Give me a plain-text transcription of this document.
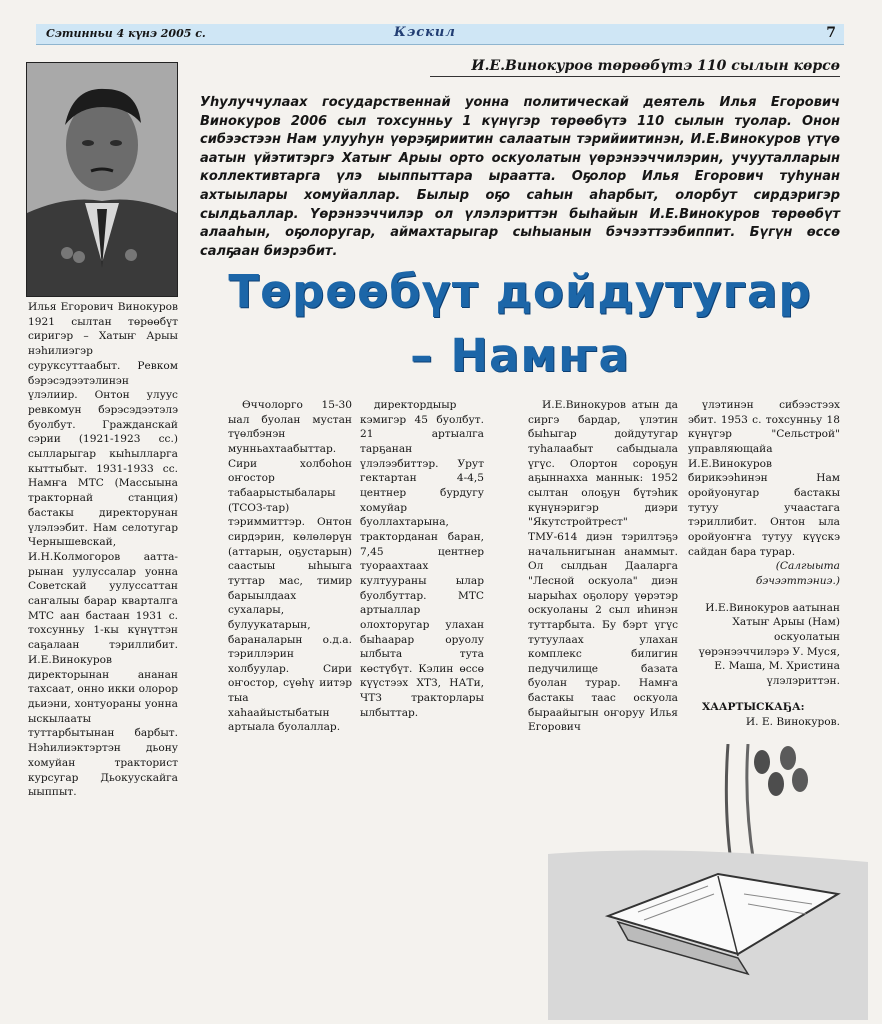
Сэтинньи 4 күнэ 2005 с.	Кэскил	7
Илья Егорович Винокуров 1921 сылтан төрөөбүт сиригэр – Хатыҥ Арыы нэһилиэгэр суруксуттаабыт. Ревком бэрэсэдээтэлинэн үлэлиир. Онтон улуус ревкомун бэрэсэдээтэлэ буолбут. Гражданскай сэрии (1921-1923 сс.) сылларыгар кыһылларга кыттыбыт. 1931-1933 сс. Намҥа МТС (Массыына тракторнай станция) бастакы директорунан үлэлээбит. Нам селотугар Чернышевскай, И.Н.Колмогоров ааттарынан уулуссалар уонна Советскай уулуссаттан саҥалыы барар кварталга МТС аан бастаан 1931 с. тохсунньу 1-кы күнүттэн саҕалаан тэриллибит. И.Е.Винокуров директорынан ананан тахсаат, онно икки олорор дьиэни, хонтуораны уонна ыскылааты туттарбытынан барбыт. Нэһилиэктэртэн дьону хомуйан тракторист курсугар Дьокуускайга ыыппыт.
И.Е.Винокуров төрөөбүтэ 110 сылын көрсө
Уһулуччулаах государственнай уонна политическай деятель Илья Егорович Винокуров 2006 сыл тохсунньу 1 күнүгэр төрөөбүтэ 110 сылын туолар. Онон сибээстээн Нам улууһун үөрэҕириитин салаатын тэрийиитинэн, И.Е.Винокуров үтүө аатын үйэтитэргэ Хатыҥ Арыы орто оскуолатын үөрэнээччилэрин, учууталларын коллективтарга үлэ ыыппыттара ыраатта. Оҕолор Илья Егорович туһунан ахтыылары хомуйаллар. Былыр оҕо саһын аһарбыт, олорбут сирдэригэр сылдьаллар. Үөрэнээччилэр ол үлэлэриттэн быһайын И.Е.Винокуров төрөөбүт алааһын, оҕолоругар, аймахтарыгар сыһыанын бэчээттээбиппит. Бүгүн өссө салҕаан биэрэбит.
Төрөөбүт дойдутугар
– Намҥа

Өччолорго 15-30 ыал буолан мустан түөлбэнэн мунньахтаабыттар. Сири холбоһон оҥостор табаарыстыбалары (ТСОЗ-тар) тэриммиттэр. Онтон сирдэрин, көлөлөрүн (аттарын, оҕустарын) саастыы ыһыыга туттар мас, тимир барыылдаах сухалары, булуукатарын, бараналарын о.д.а. тэриллэрин холбуулар. Сири оҥостор, сүөһү иитэр тыа хаһаайыстыбатын артыала буолаллар.

директордыыр кэмигэр 45 буолбут. 21 артыалга тарҕанан үлэлээбиттэр. Урут гектартан 4-4,5 центнер бурдугу хомуйар буоллахтарына, тракторданан баран, 7,45 центнер туораахтаах култуураны ылар буолбуттар. МТС артыаллар олохторугар улахан быһаарар оруолу ылбыта тута көстүбүт. Кэлин өссө күүстээх ХТЗ, НАТи, ЧТЗ тракторлары ылбыттар.

И.Е.Винокуров атын да сиргэ бардар, үлэтин быһыгар дойдутугар туһалаабыт сабыдыала үгүс. Олортон сороҕун аҕыннахха маннык: 1952 сылтан олоҕун бүтэһик күнүнэригэр диэри "Якутстройтрест" ТМУ-614 диэн тэрилтэҕэ начальнигынан анаммыт. Ол сылдьан Дааларга "Лесной оскуола" диэн ыарыһах оҕолору үөрэтэр оскуоланы 2 сыл иһинэн туттарбыта. Бу бэрт үгүс тутуулаах улахан комплекс билигин педучилище базата буолан турар. Намҥа бастакы таас оскуола быраайыгын оҥоруу Илья Егорович

үлэтинэн сибээстээх эбит. 1953 с. тохсунньу 18 күнүгэр "Сельстрой" управляющайа И.Е.Винокуров бирикээһинэн Нам оройуонугар бастакы тутуу учаастага тэриллибит. Онтон ыла оройуоҥҥа тутуу күүскэ сайдан бара турар.

(Салгыыта бэчээттэниэ.)

И.Е.Винокуров аатынан Хатыҥ Арыы (Нам) оскуолатын үөрэнээччилэрэ У. Муся, Е. Маша, М. Христина үлэлэриттэн.

ХААРТЫСКАҔА:

И. Е. Винокуров.
